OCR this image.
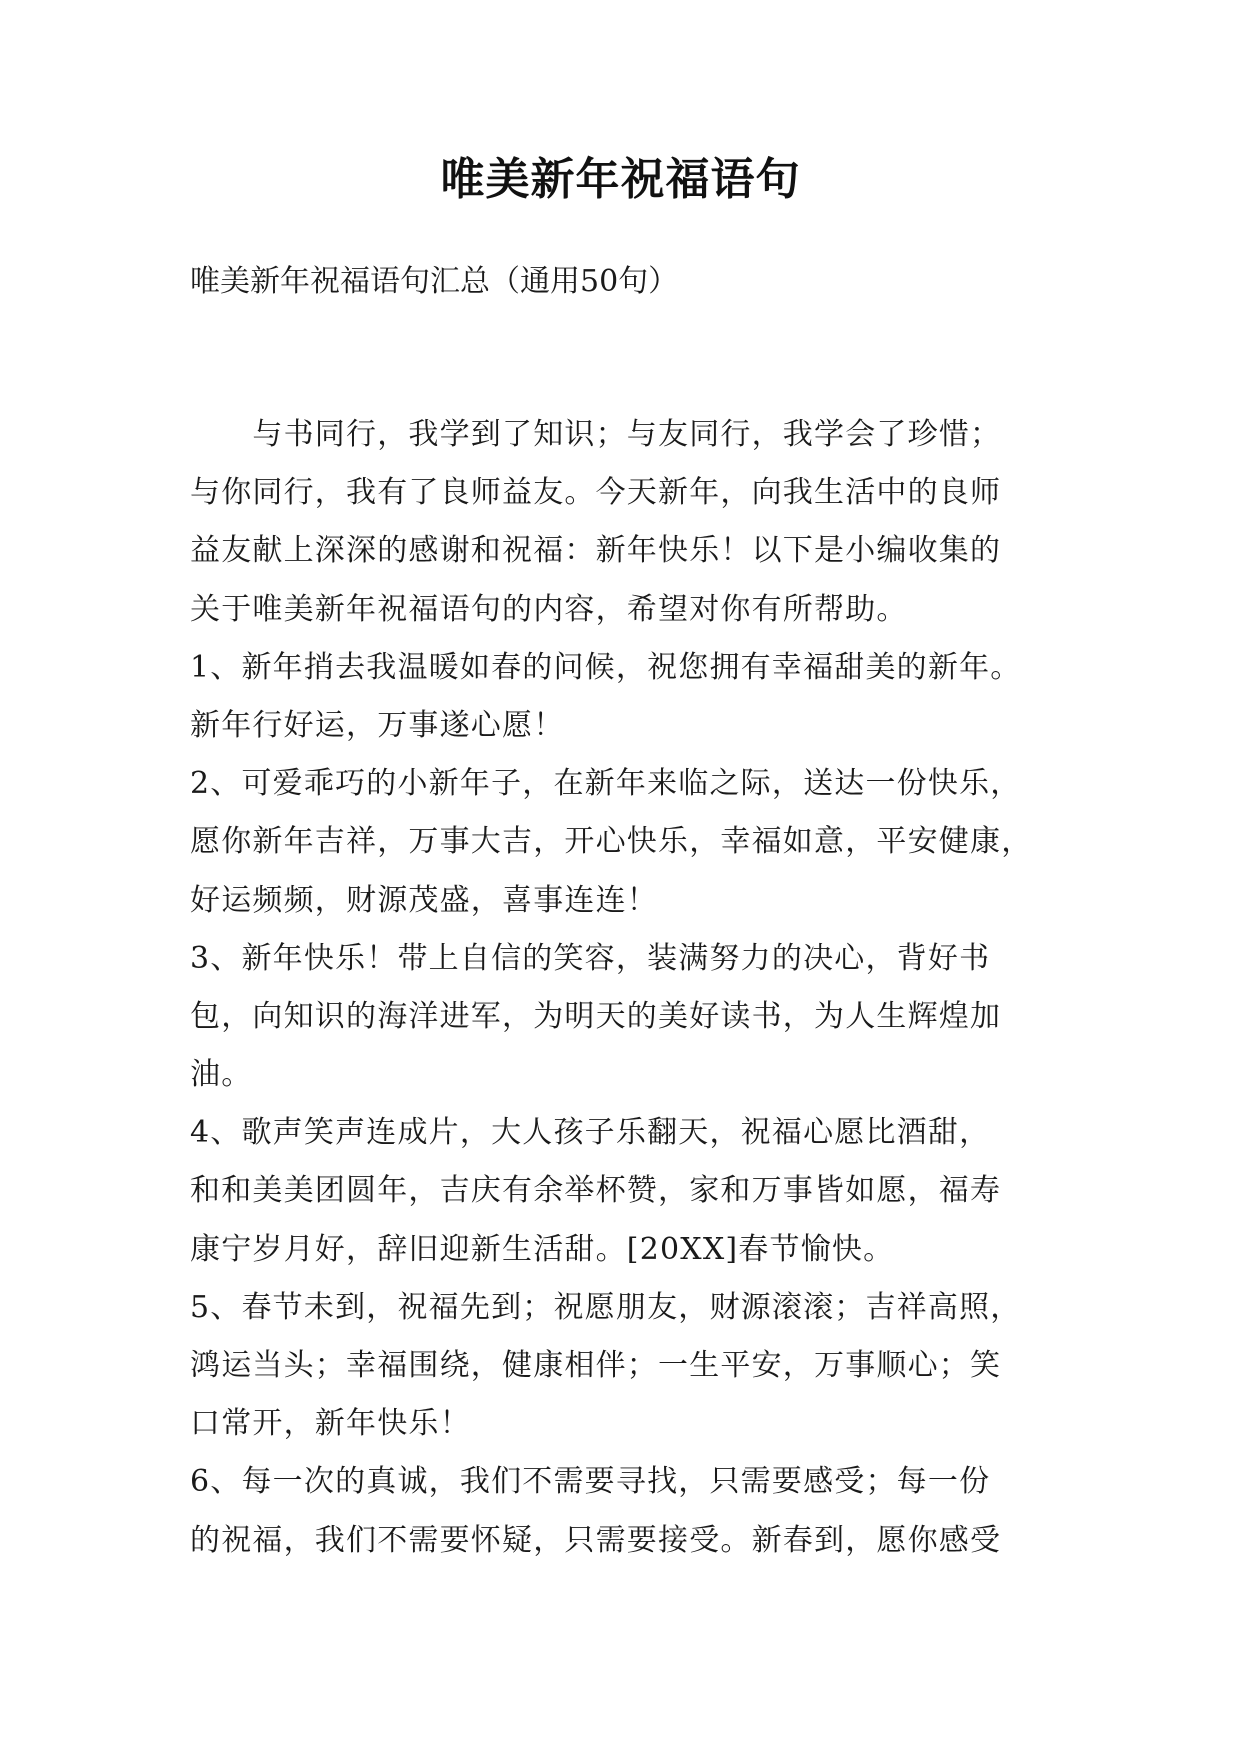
唯美新年祝福语句
唯美新年祝福语句汇总（通用50句）
　　与书同行，我学到了知识；与友同行，我学会了珍惜；
与你同行，我有了良师益友。今天新年，向我生活中的良师
益友献上深深的感谢和祝福：新年快乐！以下是小编收集的
关于唯美新年祝福语句的内容，希望对你有所帮助。
1、新年捎去我温暖如春的问候，祝您拥有幸福甜美的新年。
新年行好运，万事遂心愿！
2、可爱乖巧的小新年子，在新年来临之际，送达一份快乐，
愿你新年吉祥，万事大吉，开心快乐，幸福如意，平安健康，
好运频频，财源茂盛，喜事连连！
3、新年快乐！带上自信的笑容，装满努力的决心，背好书
包，向知识的海洋进军，为明天的美好读书，为人生辉煌加
油。
4、歌声笑声连成片，大人孩子乐翻天，祝福心愿比酒甜，
和和美美团圆年，吉庆有余举杯赞，家和万事皆如愿，福寿
康宁岁月好，辞旧迎新生活甜。[20XX]春节愉快。
5、春节未到，祝福先到；祝愿朋友，财源滚滚；吉祥高照，
鸿运当头；幸福围绕，健康相伴；一生平安，万事顺心；笑
口常开，新年快乐！
6、每一次的真诚，我们不需要寻找，只需要感受；每一份
的祝福，我们不需要怀疑，只需要接受。新春到，愿你感受
